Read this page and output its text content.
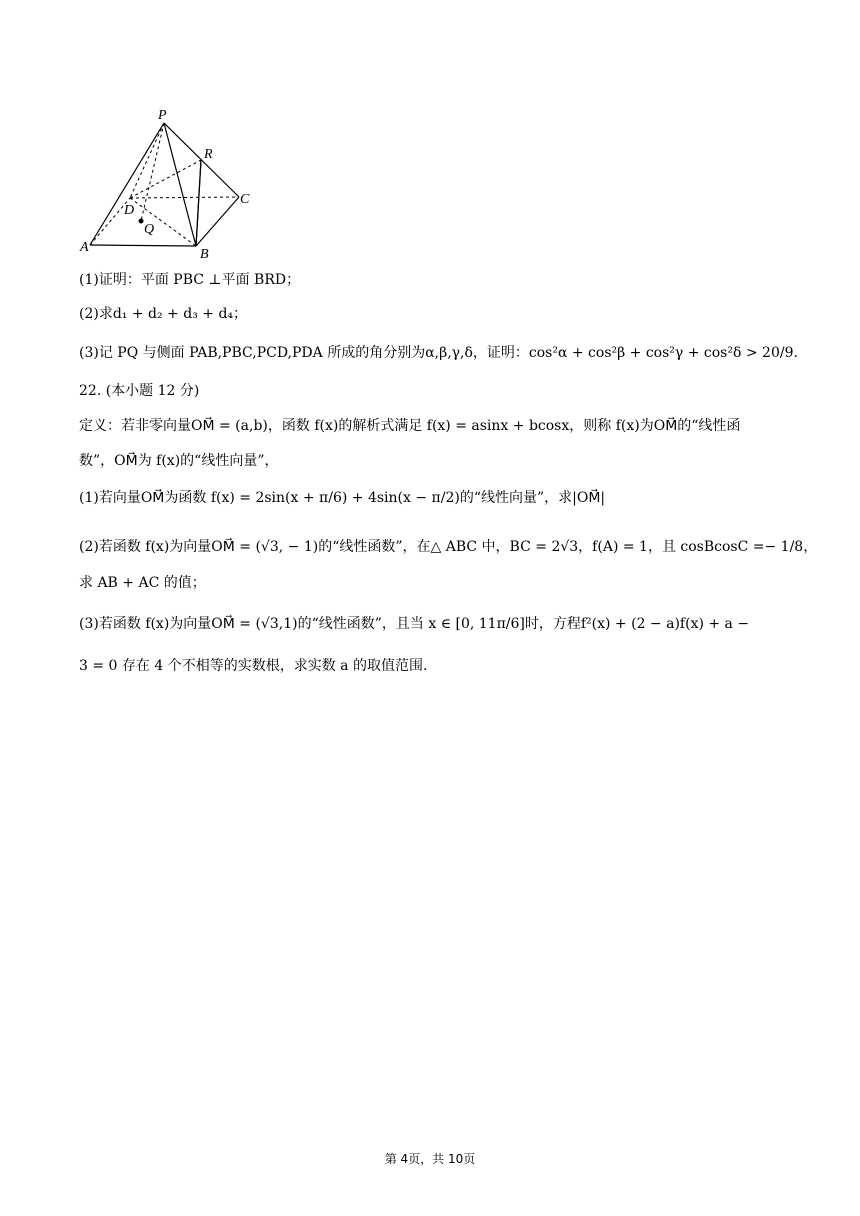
P
R
C
D
Q
A	B
(1)证明：平面 PBC ⊥平面 BRD；
(2)求d₁ + d₂ + d₃ + d₄；
(3)记 PQ 与侧面 PAB,PBC,PCD,PDA 所成的角分别为α,β,γ,δ，证明：cos²α + cos²β + cos²γ + cos²δ > 20/9.
22. (本小题 12 分)
定义：若非零向量OM⃗ = (a,b)，函数 f(x)的解析式满足 f(x) = asinx + bcosx，则称 f(x)为OM⃗的“线性函
数”，OM⃗为 f(x)的“线性向量”，
(1)若向量OM⃗为函数 f(x) = 2sin(x + π/6) + 4sin(x − π/2)的“线性向量”，求|OM⃗|
(2)若函数 f(x)为向量OM⃗ = (√3, − 1)的“线性函数”，在△ ABC 中，BC = 2√3，f(A) = 1，且 cosBcosC =− 1/8，
求 AB + AC 的值；
(3)若函数 f(x)为向量OM⃗ = (√3,1)的“线性函数”，且当 x ∈ [0, 11π/6]时，方程f²(x) + (2 − a)f(x) + a −
3 = 0 存在 4 个不相等的实数根，求实数 a 的取值范围.
第 4页，共 10页
